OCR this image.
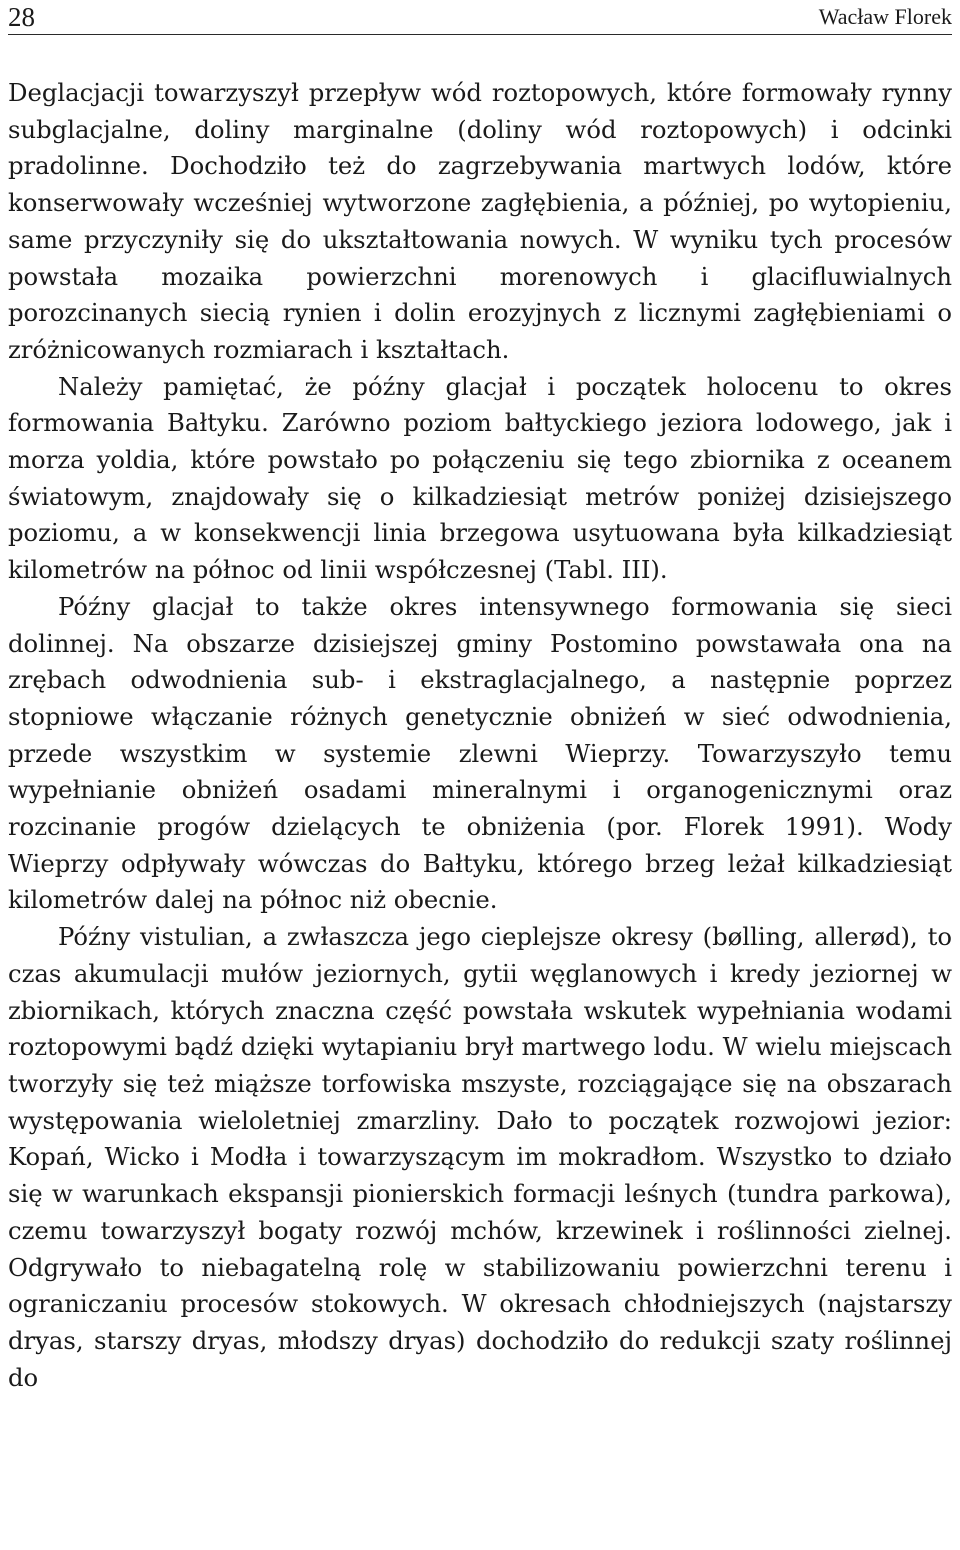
28	Wacław Florek

Deglacjacji towarzyszył przepływ wód roztopowych, które formowały rynny subglacjalne, doliny marginalne (doliny wód roztopowych) i odcinki pradolinne. Dochodziło też do zagrzebywania martwych lodów, które konserwowały wcześniej wytworzone zagłębienia, a później, po wytopieniu, same przyczyniły się do ukształtowania nowych. W wyniku tych procesów powstała mozaika powierzchni morenowych i glacifluwialnych porozcinanych siecią rynien i dolin erozyjnych z licznymi zagłębieniami o zróżnicowanych rozmiarach i kształtach.

Należy pamiętać, że późny glacjał i początek holocenu to okres formowania Bałtyku. Zarówno poziom bałtyckiego jeziora lodowego, jak i morza yoldia, które powstało po połączeniu się tego zbiornika z oceanem światowym, znajdowały się o kilkadziesiąt metrów poniżej dzisiejszego poziomu, a w konsekwencji linia brzegowa usytuowana była kilkadziesiąt kilometrów na północ od linii współczesnej (Tabl. III).

Późny glacjał to także okres intensywnego formowania się sieci dolinnej. Na obszarze dzisiejszej gminy Postomino powstawała ona na zrębach odwodnienia sub- i ekstraglacjalnego, a następnie poprzez stopniowe włączanie różnych genetycznie obniżeń w sieć odwodnienia, przede wszystkim w systemie zlewni Wieprzy. Towarzyszyło temu wypełnianie obniżeń osadami mineralnymi i organogenicznymi oraz rozcinanie progów dzielących te obniżenia (por. Florek 1991). Wody Wieprzy odpływały wówczas do Bałtyku, którego brzeg leżał kilkadziesiąt kilometrów dalej na północ niż obecnie.

Późny vistulian, a zwłaszcza jego cieplejsze okresy (bølling, allerød), to czas akumulacji mułów jeziornych, gytii węglanowych i kredy jeziornej w zbiornikach, których znaczna część powstała wskutek wypełniania wodami roztopowymi bądź dzięki wytapianiu brył martwego lodu. W wielu miejscach tworzyły się też miąższe torfowiska mszyste, rozciągające się na obszarach występowania wieloletniej zmarzliny. Dało to początek rozwojowi jezior: Kopań, Wicko i Modła i towarzyszącym im mokradłom. Wszystko to działo się w warunkach ekspansji pionierskich formacji leśnych (tundra parkowa), czemu towarzyszył bogaty rozwój mchów, krzewinek i roślinności zielnej. Odgrywało to niebagatelną rolę w stabilizowaniu powierzchni terenu i ograniczaniu procesów stokowych. W okresach chłodniejszych (najstarszy dryas, starszy dryas, młodszy dryas) dochodziło do redukcji szaty roślinnej do
